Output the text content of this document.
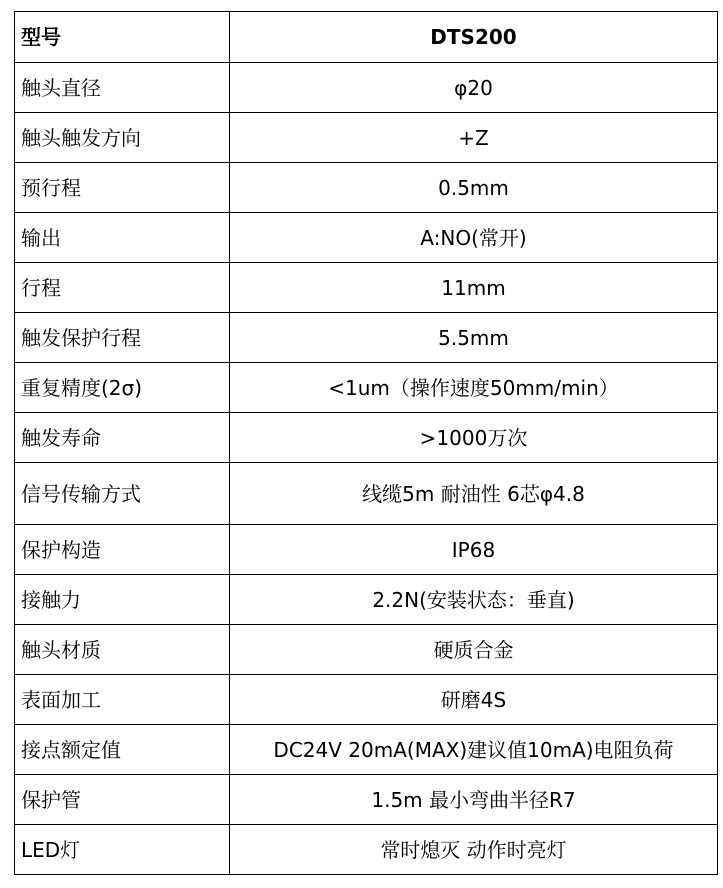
型号	DTS200
触头直径	φ20
触头触发方向	+Z
预行程	0.5mm
输出	A:NO(常开)
行程	11mm
触发保护行程	5.5mm
重复精度(2σ)	<1um（操作速度50mm/min）
触发寿命	>1000万次
信号传输方式	线缆5m 耐油性 6芯φ4.8
保护构造	IP68
接触力	2.2N(安装状态：垂直)
触头材质	硬质合金
表面加工	研磨4S
接点额定值	DC24V 20mA(MAX)建议值10mA)电阻负荷
保护管	1.5m 最小弯曲半径R7
LED灯	常时熄灭 动作时亮灯
